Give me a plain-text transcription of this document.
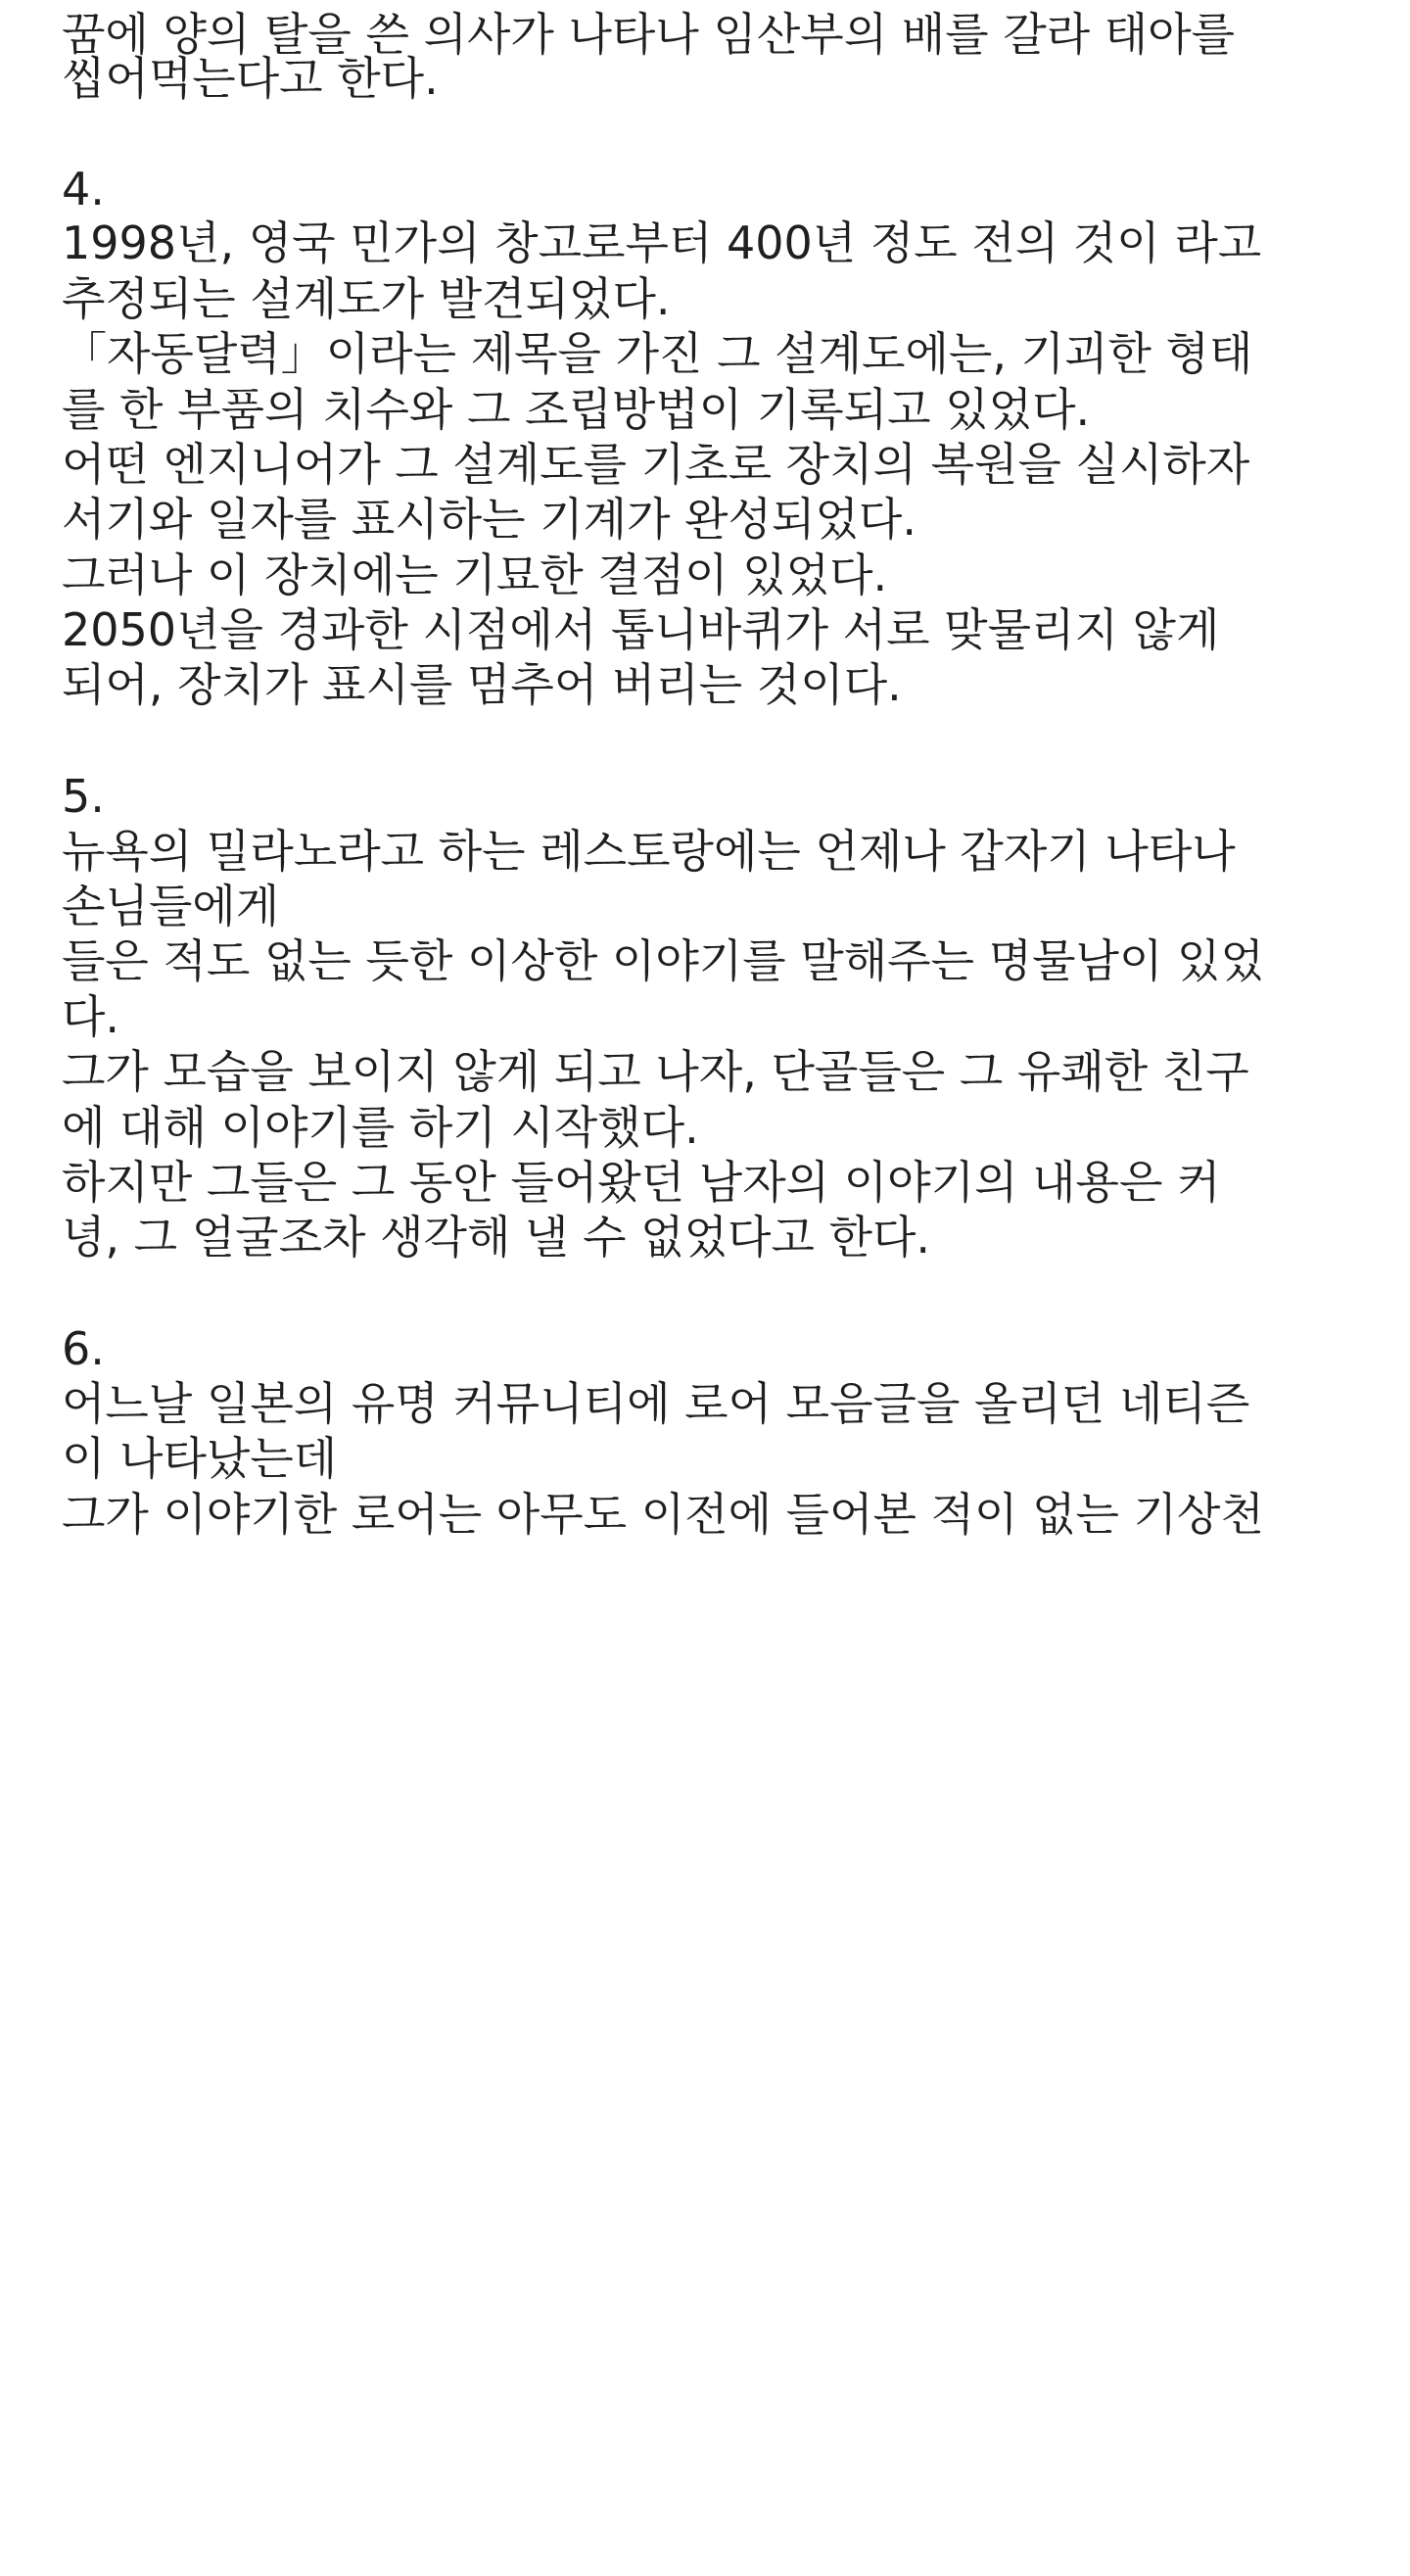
꿈에 양의 탈을 쓴 의사가 나타나 임산부의 배를 갈라 태아를
씹어먹는다고 한다.
4.
1998년, 영국 민가의 창고로부터 400년 정도 전의 것이 라고
추정되는 설계도가 발견되었다.
「자동달력」이라는 제목을 가진 그 설계도에는, 기괴한 형태
를 한 부품의 치수와 그 조립방법이 기록되고 있었다.
어떤 엔지니어가 그 설계도를 기초로 장치의 복원을 실시하자
서기와 일자를 표시하는 기계가 완성되었다.
그러나 이 장치에는 기묘한 결점이 있었다.
2050년을 경과한 시점에서 톱니바퀴가 서로 맞물리지 않게
되어, 장치가 표시를 멈추어 버리는 것이다.
5.
뉴욕의 밀라노라고 하는 레스토랑에는 언제나 갑자기 나타나
손님들에게
들은 적도 없는 듯한 이상한 이야기를 말해주는 명물남이 있었
다.
그가 모습을 보이지 않게 되고 나자, 단골들은 그 유쾌한 친구
에 대해 이야기를 하기 시작했다.
하지만 그들은 그 동안 들어왔던 남자의 이야기의 내용은 커
녕, 그 얼굴조차 생각해 낼 수 없었다고 한다.
6.
어느날 일본의 유명 커뮤니티에 로어 모음글을 올리던 네티즌
이 나타났는데
그가 이야기한 로어는 아무도 이전에 들어본 적이 없는 기상천
